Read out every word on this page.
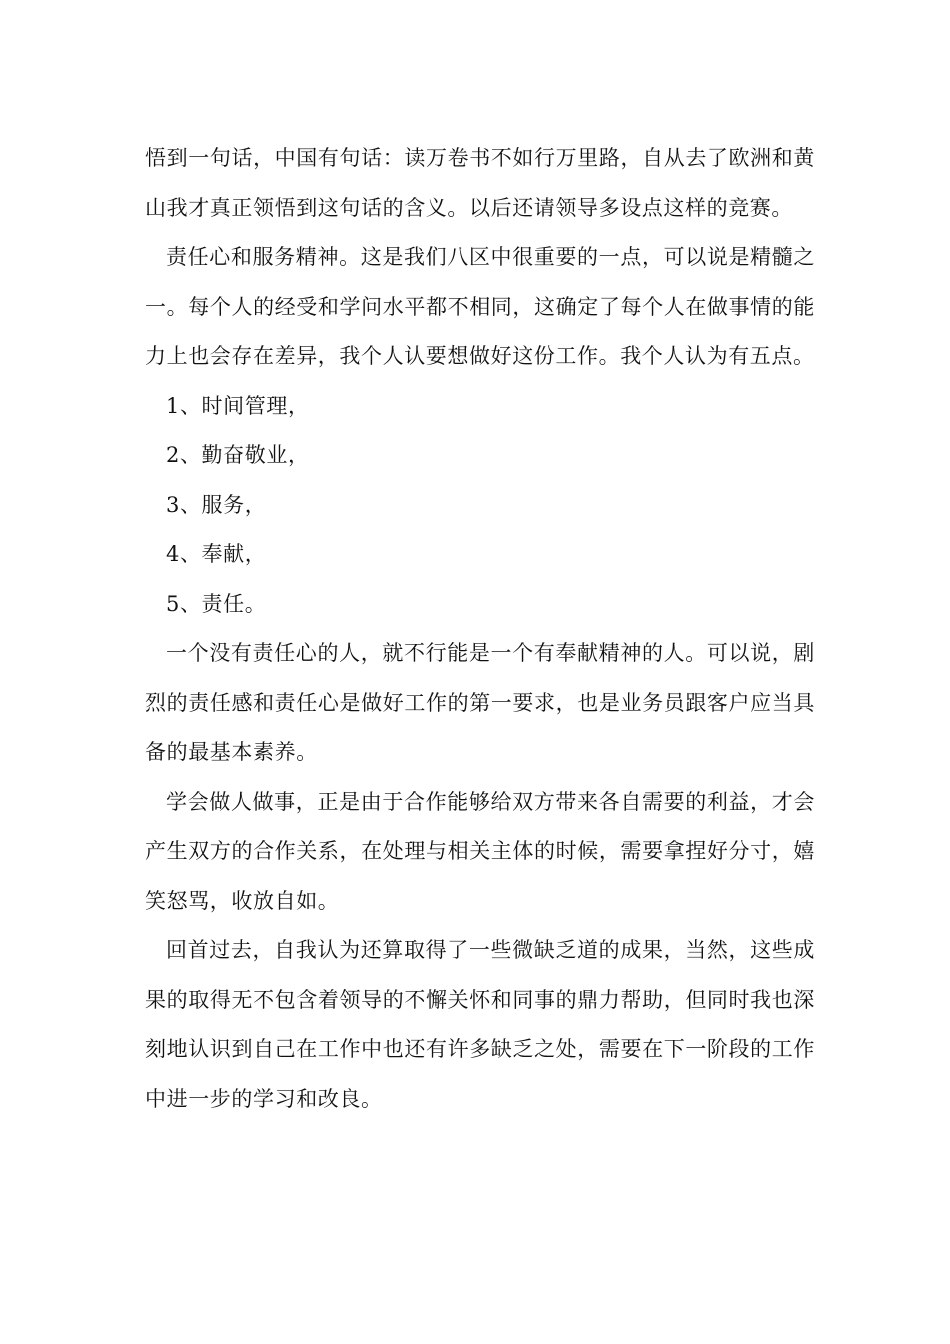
悟到一句话，中国有句话：读万卷书不如行万里路，自从去了欧洲和黄山我才真正领悟到这句话的含义。以后还请领导多设点这样的竞赛。

责任心和服务精神。这是我们八区中很重要的一点，可以说是精髓之一。每个人的经受和学问水平都不相同，这确定了每个人在做事情的能力上也会存在差异，我个人认要想做好这份工作。我个人认为有五点。

1、时间管理，

2、勤奋敬业，

3、服务，

4、奉献，

5、责任。

一个没有责任心的人，就不行能是一个有奉献精神的人。可以说，剧烈的责任感和责任心是做好工作的第一要求，也是业务员跟客户应当具备的最基本素养。

学会做人做事，正是由于合作能够给双方带来各自需要的利益，才会产生双方的合作关系，在处理与相关主体的时候，需要拿捏好分寸，嬉笑怒骂，收放自如。

回首过去，自我认为还算取得了一些微缺乏道的成果，当然，这些成果的取得无不包含着领导的不懈关怀和同事的鼎力帮助，但同时我也深刻地认识到自己在工作中也还有许多缺乏之处，需要在下一阶段的工作中进一步的学习和改良。
